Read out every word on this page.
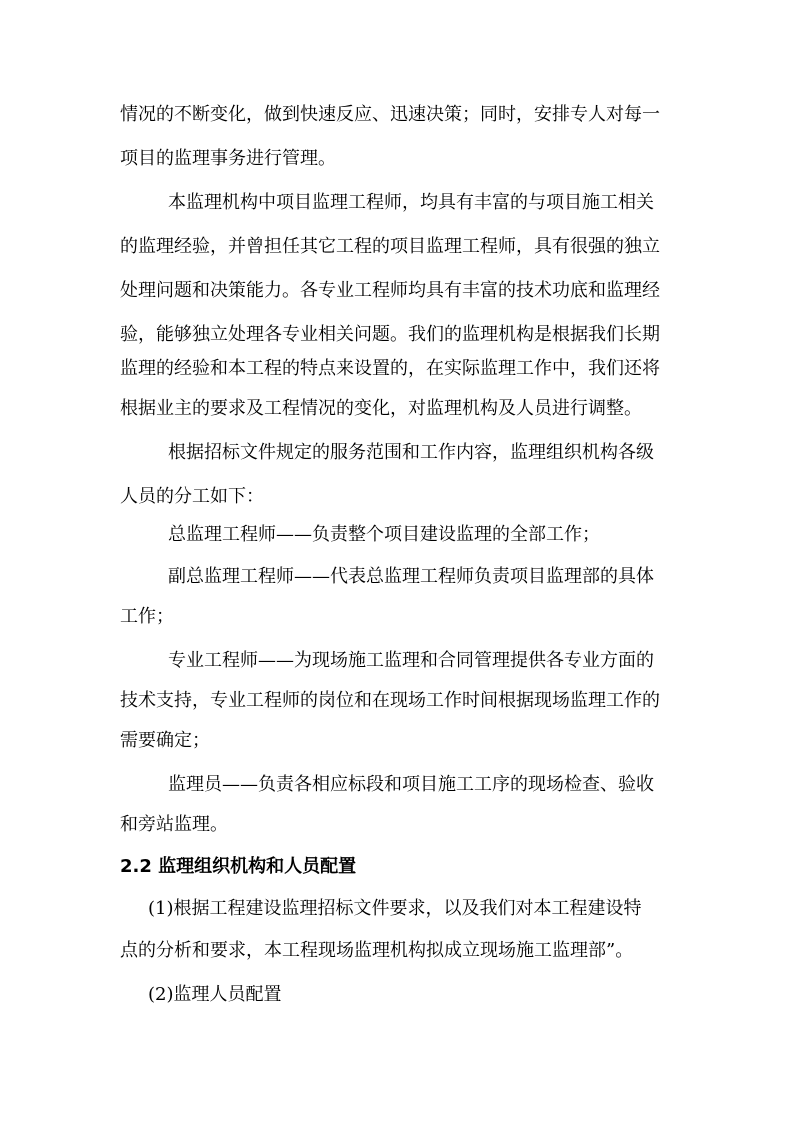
情况的不断变化，做到快速反应、迅速决策；同时，安排专人对每一
项目的监理事务进行管理。
本监理机构中项目监理工程师，均具有丰富的与项目施工相关
的监理经验，并曾担任其它工程的项目监理工程师，具有很强的独立
处理问题和决策能力。各专业工程师均具有丰富的技术功底和监理经
验，能够独立处理各专业相关问题。我们的监理机构是根据我们长期
监理的经验和本工程的特点来设置的，在实际监理工作中，我们还将
根据业主的要求及工程情况的变化，对监理机构及人员进行调整。
根据招标文件规定的服务范围和工作内容，监理组织机构各级
人员的分工如下：
总监理工程师——负责整个项目建设监理的全部工作；
副总监理工程师——代表总监理工程师负责项目监理部的具体
工作；
专业工程师——为现场施工监理和合同管理提供各专业方面的
技术支持，专业工程师的岗位和在现场工作时间根据现场监理工作的
需要确定；
监理员——负责各相应标段和项目施工工序的现场检查、验收
和旁站监理。
2.2 监理组织机构和人员配置
(1)根据工程建设监理招标文件要求，以及我们对本工程建设特
点的分析和要求，本工程现场监理机构拟成立现场施工监理部”。
(2)监理人员配置
